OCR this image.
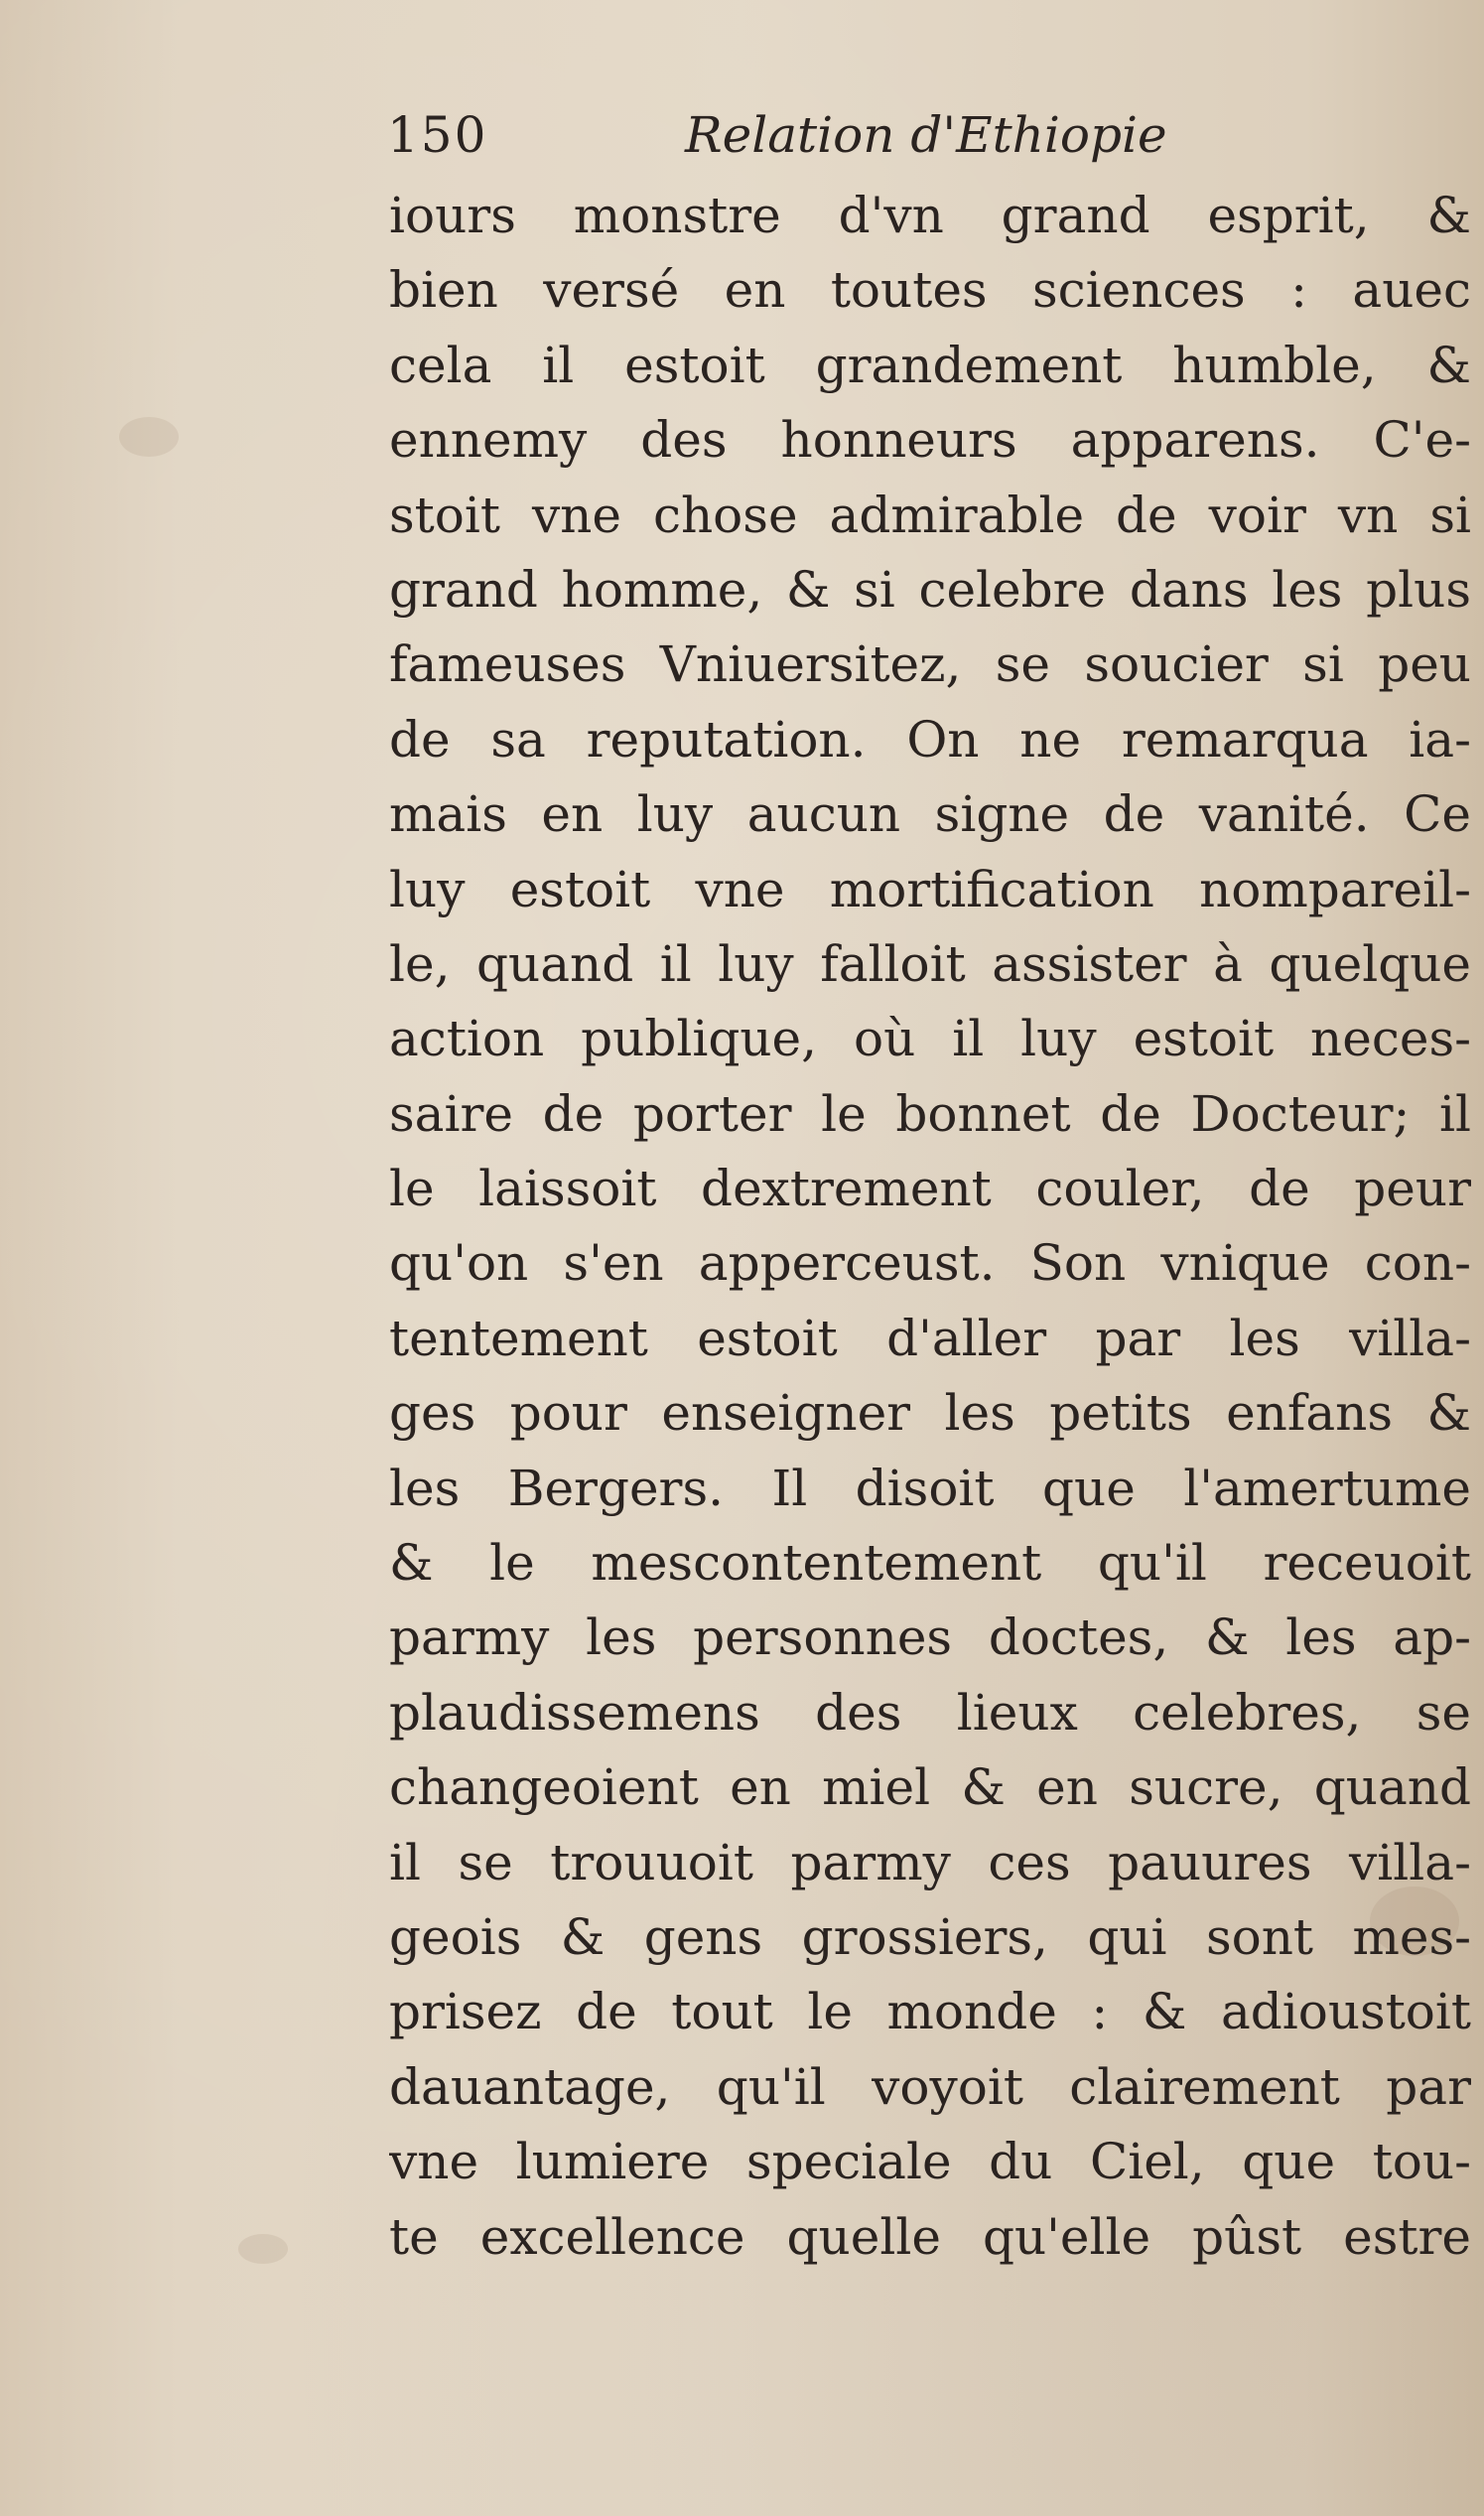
150	Relation d'Ethiopie
iours monstre d'vn grand esprit, &
bien versé en toutes sciences : auec
cela il estoit grandement humble, &
ennemy des honneurs apparens. C'e-
stoit vne chose admirable de voir vn si
grand homme, & si celebre dans les plus
fameuses Vniuersitez, se soucier si peu
de sa reputation. On ne remarqua ia-
mais en luy aucun signe de vanité. Ce
luy estoit vne mortification nompareil-
le, quand il luy falloit assister à quelque
action publique, où il luy estoit neces-
saire de porter le bonnet de Docteur; il
le laissoit dextrement couler, de peur
qu'on s'en apperceust. Son vnique con-
tentement estoit d'aller par les villa-
ges pour enseigner les petits enfans &
les Bergers. Il disoit que l'amertume
& le mescontentement qu'il receuoit
parmy les personnes doctes, & les ap-
plaudissemens des lieux celebres, se
changeoient en miel & en sucre, quand
il se trouuoit parmy ces pauures villa-
geois & gens grossiers, qui sont mes-
prisez de tout le monde : & adioustoit
dauantage, qu'il voyoit clairement par
vne lumiere speciale du Ciel, que tou-
te excellence quelle qu'elle pûst estre
